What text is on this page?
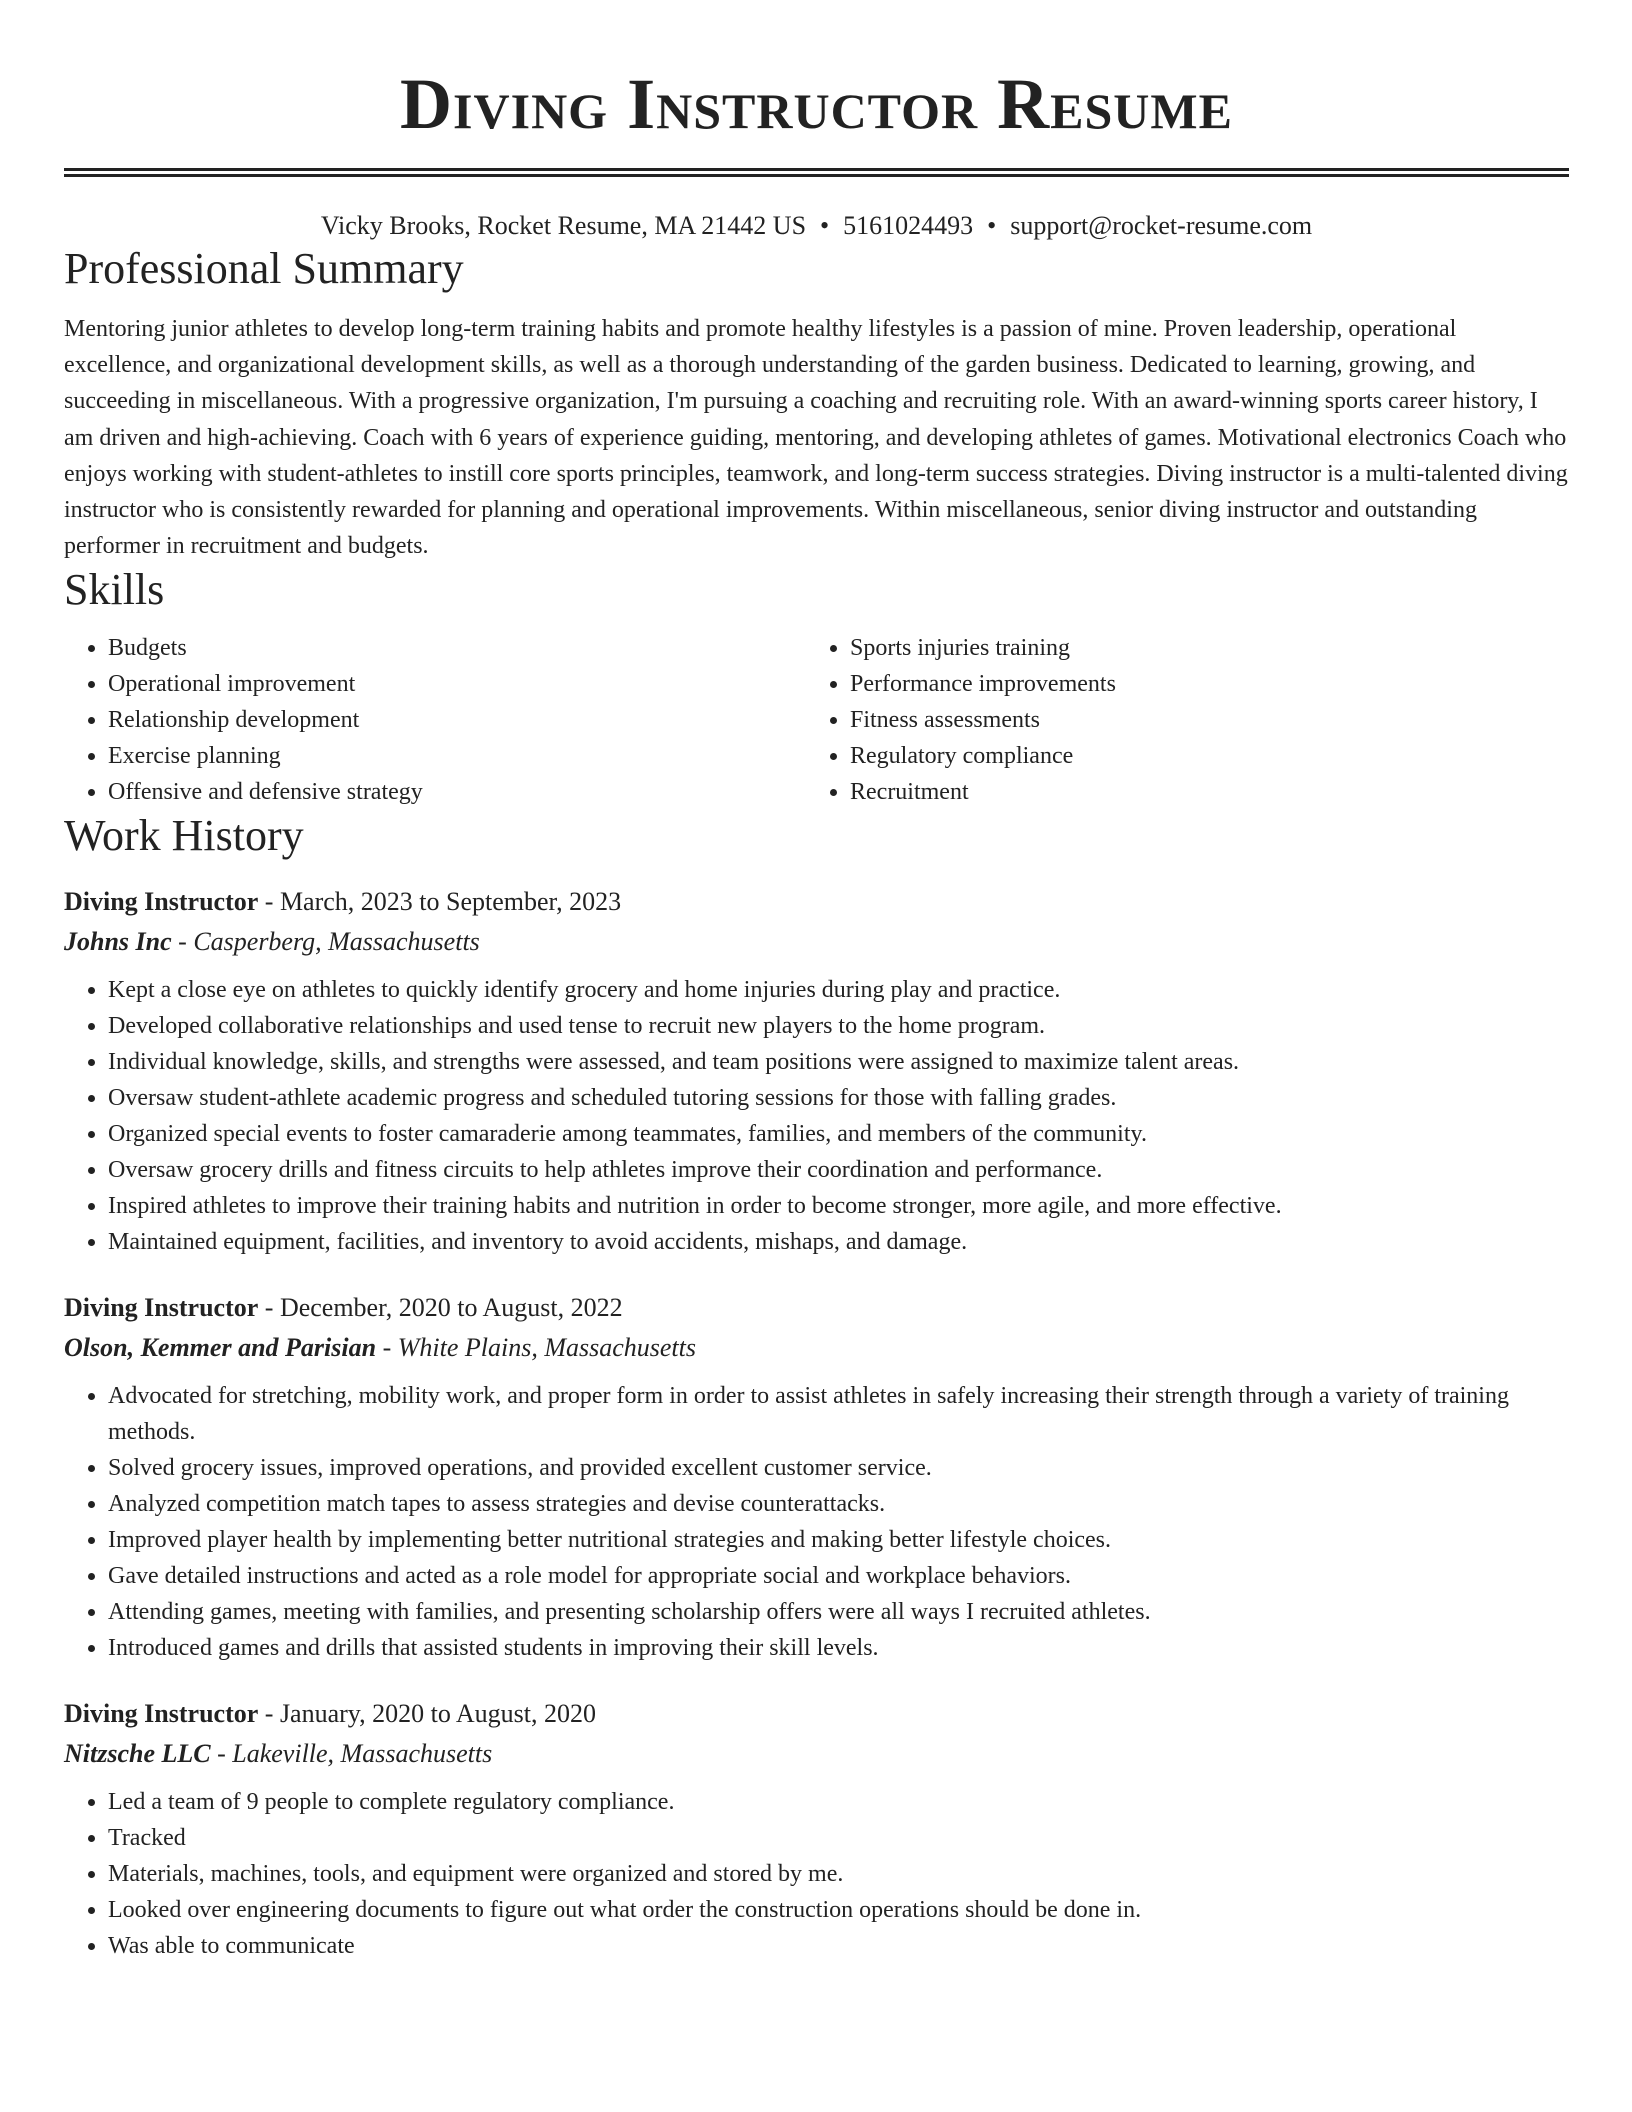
Diving Instructor Resume
Vicky Brooks, Rocket Resume, MA 21442 US • 5161024493 • support@rocket-resume.com
Professional Summary

Mentoring junior athletes to develop long-term training habits and promote healthy lifestyles is a passion of mine. Proven leadership, operational excellence, and organizational development skills, as well as a thorough understanding of the garden business. Dedicated to learning, growing, and succeeding in miscellaneous. With a progressive organization, I'm pursuing a coaching and recruiting role. With an award-winning sports career history, I am driven and high-achieving. Coach with 6 years of experience guiding, mentoring, and developing athletes of games. Motivational electronics Coach who enjoys working with student-athletes to instill core sports principles, teamwork, and long-term success strategies. Diving instructor is a multi-talented diving instructor who is consistently rewarded for planning and operational improvements. Within miscellaneous, senior diving instructor and outstanding performer in recruitment and budgets.

Skills
• Budgets
• Operational improvement
• Relationship development
• Exercise planning
• Offensive and defensive strategy
• Sports injuries training
• Performance improvements
• Fitness assessments
• Regulatory compliance
• Recruitment
Work History
Diving Instructor - March, 2023 to September, 2023
Johns Inc - Casperberg, Massachusetts
• Kept a close eye on athletes to quickly identify grocery and home injuries during play and practice.
• Developed collaborative relationships and used tense to recruit new players to the home program.
• Individual knowledge, skills, and strengths were assessed, and team positions were assigned to maximize talent areas.
• Oversaw student-athlete academic progress and scheduled tutoring sessions for those with falling grades.
• Organized special events to foster camaraderie among teammates, families, and members of the community.
• Oversaw grocery drills and fitness circuits to help athletes improve their coordination and performance.
• Inspired athletes to improve their training habits and nutrition in order to become stronger, more agile, and more effective.
• Maintained equipment, facilities, and inventory to avoid accidents, mishaps, and damage.
Diving Instructor - December, 2020 to August, 2022
Olson, Kemmer and Parisian - White Plains, Massachusetts
• Advocated for stretching, mobility work, and proper form in order to assist athletes in safely increasing their strength through a variety of training methods.
• Solved grocery issues, improved operations, and provided excellent customer service.
• Analyzed competition match tapes to assess strategies and devise counterattacks.
• Improved player health by implementing better nutritional strategies and making better lifestyle choices.
• Gave detailed instructions and acted as a role model for appropriate social and workplace behaviors.
• Attending games, meeting with families, and presenting scholarship offers were all ways I recruited athletes.
• Introduced games and drills that assisted students in improving their skill levels.
Diving Instructor - January, 2020 to August, 2020
Nitzsche LLC - Lakeville, Massachusetts
• Led a team of 9 people to complete regulatory compliance.
• Tracked
• Materials, machines, tools, and equipment were organized and stored by me.
• Looked over engineering documents to figure out what order the construction operations should be done in.
• Was able to communicate
